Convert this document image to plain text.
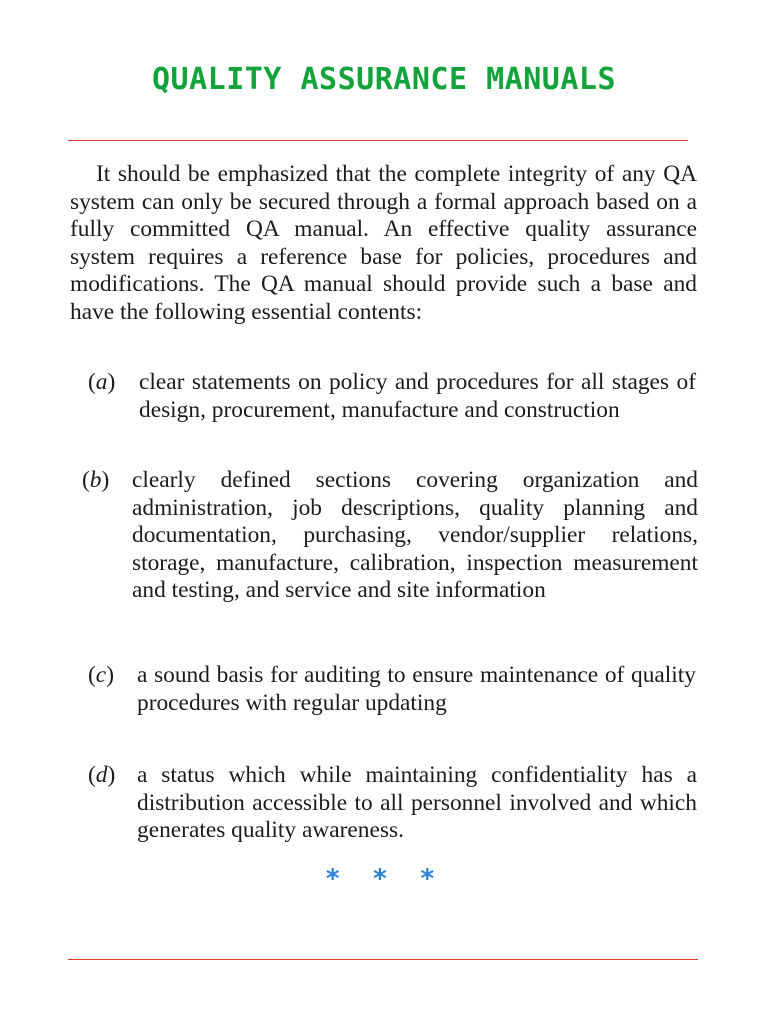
QUALITY ASSURANCE MANUALS
It should be emphasized that the complete integrity of any QA system can only be secured through a formal approach based on a fully committed QA manual. An effective quality assurance system requires a reference base for policies, procedures and modifications. The QA manual should provide such a base and have the following essential contents:
(a) clear statements on policy and procedures for all stages of design, procurement, manufacture and construction
(b) clearly defined sections covering organization and administration, job descriptions, quality planning and documentation, purchasing, vendor/supplier relations, storage, manufacture, calibration, inspection measurement and testing, and service and site information
(c) a sound basis for auditing to ensure maintenance of quality procedures with regular updating
(d) a status which while maintaining confidentiality has a distribution accessible to all personnel involved and which generates quality awareness.
* * *
